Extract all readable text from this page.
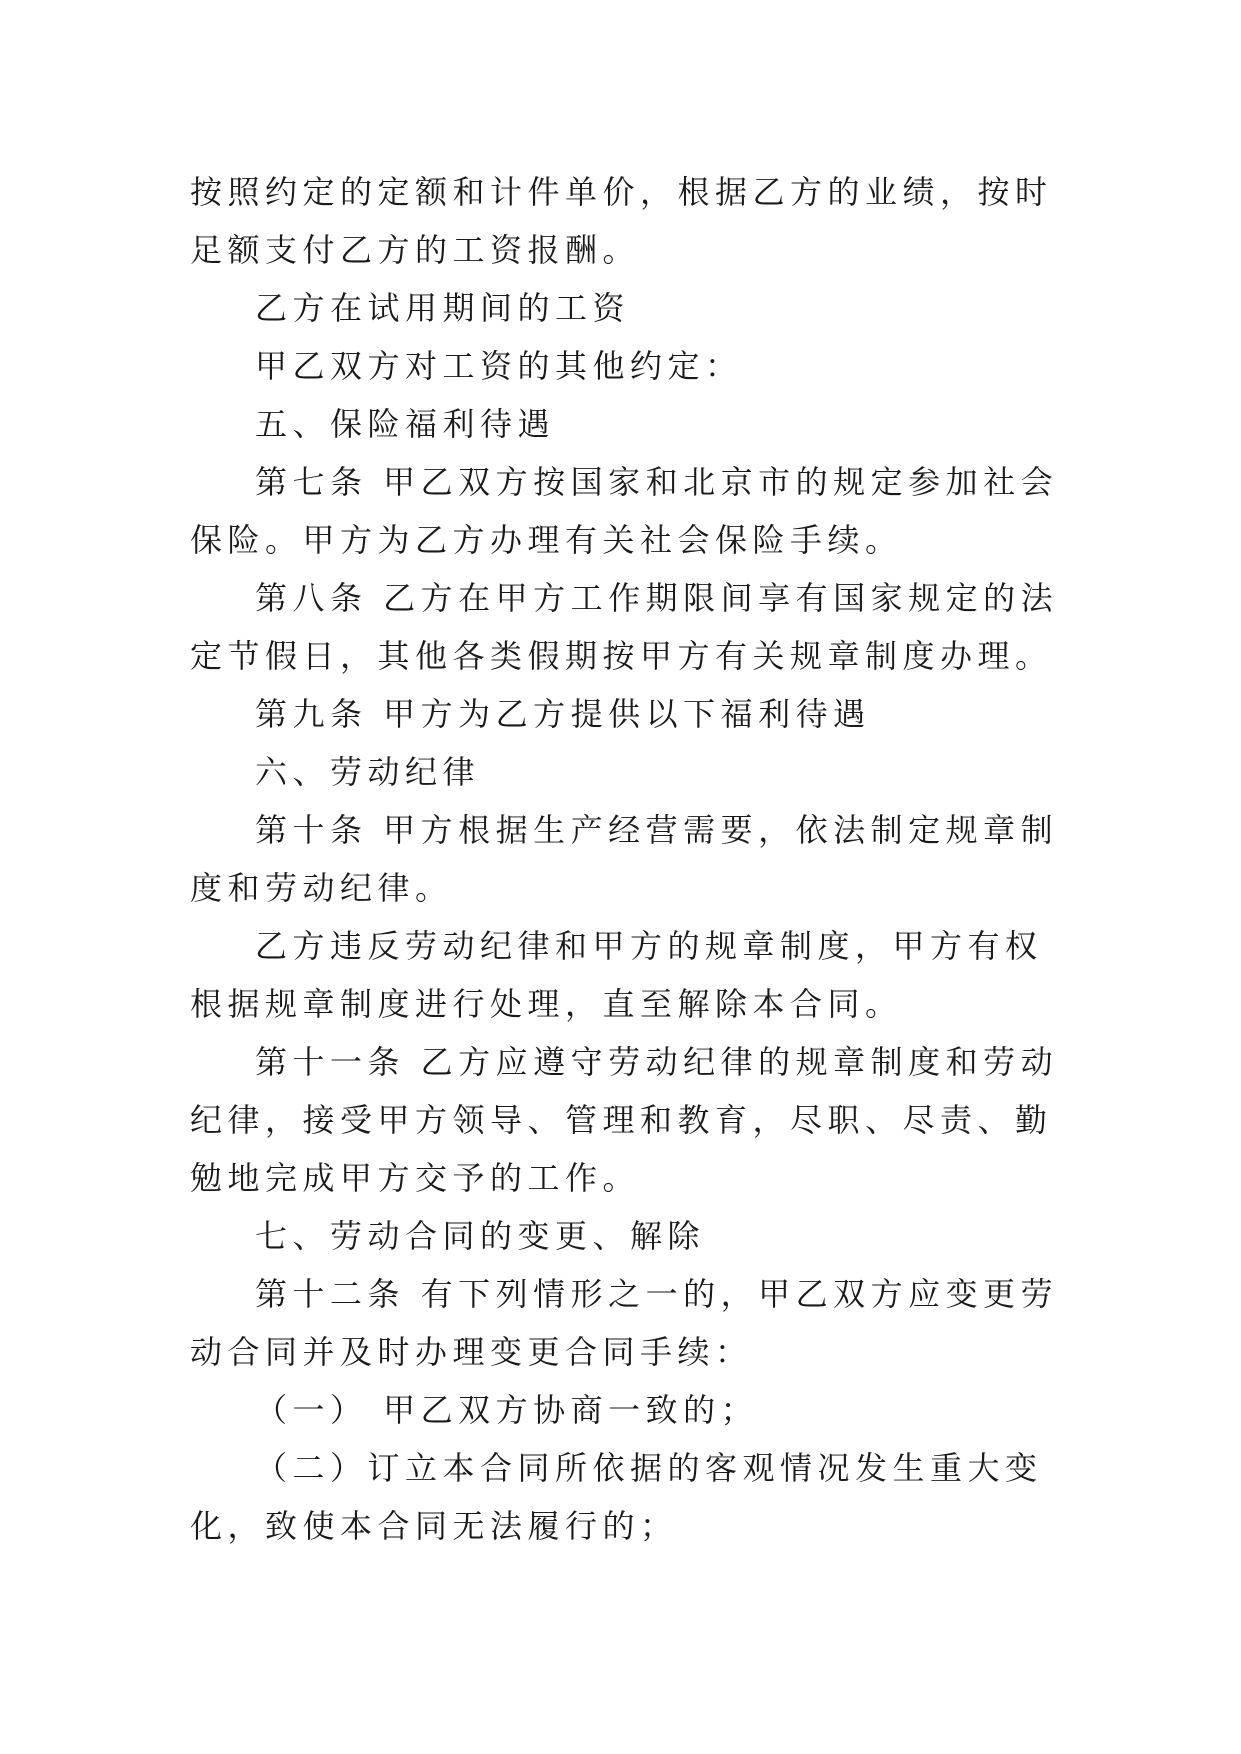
按照约定的定额和计件单价，根据乙方的业绩，按时足额支付乙方的工资报酬。

乙方在试用期间的工资

甲乙双方对工资的其他约定：

五、保险福利待遇

第七条 甲乙双方按国家和北京市的规定参加社会保险。甲方为乙方办理有关社会保险手续。

第八条 乙方在甲方工作期限间享有国家规定的法定节假日，其他各类假期按甲方有关规章制度办理。

第九条 甲方为乙方提供以下福利待遇

六、劳动纪律

第十条 甲方根据生产经营需要，依法制定规章制度和劳动纪律。

乙方违反劳动纪律和甲方的规章制度，甲方有权根据规章制度进行处理，直至解除本合同。

第十一条 乙方应遵守劳动纪律的规章制度和劳动纪律，接受甲方领导、管理和教育，尽职、尽责、勤勉地完成甲方交予的工作。

七、劳动合同的变更、解除

第十二条 有下列情形之一的，甲乙双方应变更劳动合同并及时办理变更合同手续：

（一） 甲乙双方协商一致的；

（二）订立本合同所依据的客观情况发生重大变化，致使本合同无法履行的；
